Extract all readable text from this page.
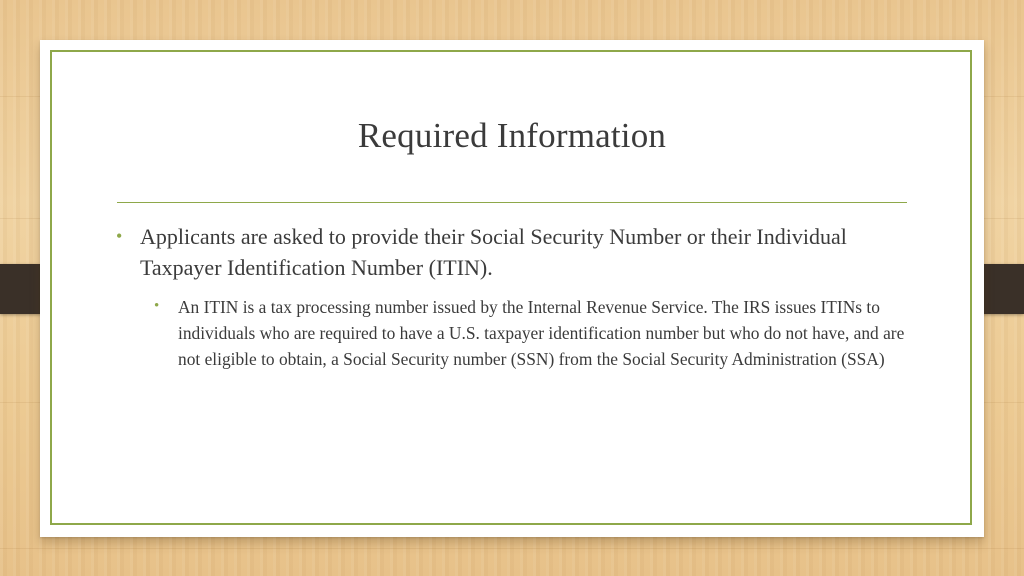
Required Information
• Applicants are asked to provide their Social Security Number or their Individual Taxpayer Identification Number (ITIN).
• An ITIN is a tax processing number issued by the Internal Revenue Service. The IRS issues ITINs to individuals who are required to have a U.S. taxpayer identification number but who do not have, and are not eligible to obtain, a Social Security number (SSN) from the Social Security Administration (SSA)
